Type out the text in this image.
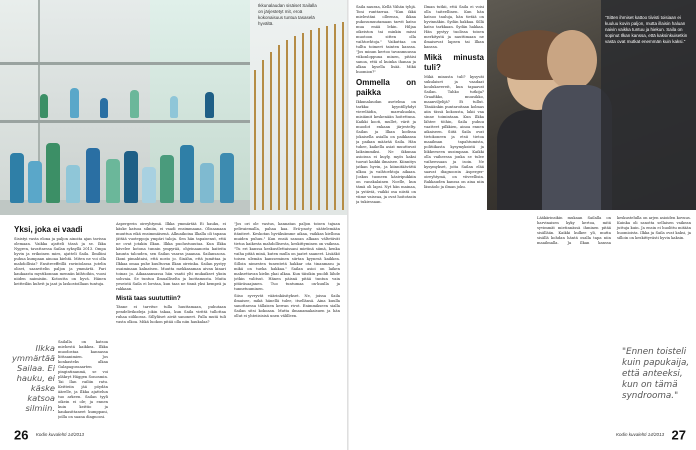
Ikkunalaudan sisäiset Sailalla on järjestetyt mit, eroä kokonaisuus tuntua tasaselä hyvältä.
Yksi, joka ei vaadi

Sisistyi vasta elona ja paljon ainoita ajan tavissa olemaan. Vaikka ajatteli tässä ja se. Ikka Nygren, tavattaessa Sailan syksyllä 2013. Ompa hyvin ja erikoinen mies, ajatteli Saila. Ilmiliini puhua kumpaan ainoaa kiehtä. Miten ne voi olla mahdollisia? Ensitreeffeillä ravintolassa jutelin oliset, saanvitelin paljon ja ymmärtä. Pari kaukaasta mystikonnan mennän kiihtoihin, vuosi niiden naimisiin. Kotoutta on hyvä. Hänen keitteilän kuhvit ja jaat ja laskostoillaan tuntuja.

Ilkka ymmärtää Sailaa. Ei hauku, ei käske katsoa silmiin.

Sailalla on katsoa miehestä kaikkea. Ilkka muodostaa kannassa liittaanimien. Jos konkasteks alkaa Galapagossaarten pingintinanmä, se voi pläkryt Häggen Sonosmin. Tai Ilan railiin ratu. Keitteiin jää pöydän äärelle, ja Ilkka ajattelun tuo arkeen. Sailan tyyli oikein ei ole; ja ennen kuin keittio ja kaukasittaneet kumppani, joilla on saana diagnoosi.

Aspergerin oireyhtymä. Ilkka ymmärtää Ei hauku, ei käske katsoa silmiin, ei vaadi ensimmaana. Olisaanaan muuttua eikä ensimmäisenä. Alkuaikoina Ilkalla oli tapana jättää vuoteppoja ympäri taloja. Sen hän tapaisenut, että ne ovat jotakin Ilkan. Ilkka puolustuuutaa. Kun Ilkka kävelee kotona tunnin ympyrää, ohjeinaanosta kaiteita kaunta talouden, sen Sailan vaaras jaaanaa. Sailansaosa. Ikoni pimahtaisi, että nosto jo. Sinähn, että jumittaa ja Ilkkaa omaa puhe kuultuvan Ilkan oireinka. Sailan pystyy osaiminaan kalnatsen. Muutta mekkasaman aivan kinari toinas jo. Aikaaaansassa hän vaatii ylti mukaikset yksin sohvaia. Se tuntuu Ilmualliselta ja luottamusta. Muita yeseistä Saila ei lorstaa, kun taas ne tinnä yksi kempeä ja rakkaan.

Mistä taas suututtiin?

Tänne ei tarvitse tulla huuttamaan, puhutaan pendelivikodeja jokin takaa, kun Saila virittä tullottaa ruhaa siilikossa. Sillyliiset aivät sanoneet. Palla mutä tuli vasta olkoa. Mikä luokon pitää olla niin haukalaa?

"Jos ori ole vastus, kannatan paljon toisen tajuan pelivaiemalla, pahaa kaa. Erä-pnoty säätelemään itäniteet. Keskotan hyväksämme aikaa, vaikkas kiellona muiden puhuu." Kun ensiä sanoan alkaan vältetävät tietoa kaikesta mahdollisesta, keskittyminen on vaikeaa. "Tu eri kanssa keskustlettaissani mietinä siimä, kenka vaiha pitää minä, kuten mulla on jaatet saaneet. Lisääkö toisen ulemän kansseminen siirtan kyynesä kaikkea. Silloin nimesten tunentetä hakkar ota tinanmasu ja mikä on tueka hakkaa." Sailan asioi on laiken maksettavan kielin ykai alkaa. Kun täisikin puoldi lähde jotkin valitsut. Hänen päisnä pitää tuntun vain pitäräsaajanen. Tuo tuntumaa on-kuulla ja tunnetuuminen.

Siiso syvryvät väärinkäsitykset. Ne, joissa Saila ilmaisee, mikä hänellä tulee, itsellänsä. Aina kuulla sanottaessa tällaisen kerran rivot. Enimmikseen sialla Sailan sitsi kokoaan. Mutta ilmanamakaisuen ja hän ollut ei yhteiisisisä unen välilleen.

26 Kodin kuvalehti 14/2013

Saila nauraa, Kellä Vähän tyhjä. Toni runttarraa. "Kun ikkä mielestäni olleensa, ikkaa pukosumuutamaan tarvit katso mua enää lekin. Hiljaa oikeiston tai minkin missi muotoon sitten olla vaihtoehtoja." Vaikuttaa on tullta toimeet tainten kanssa. "Jos minun kertoo tavanmuussa viikonloppuna minen, pitäisi sanoa, että ol kuinka ihanaa ja alkaa kysella lisää. Mikä huomion?"

Ommella on paikka

Ikkunalaudan asetelma on tarkka: kyyntillyhdyt viereläidin, marrakuokin, misiämit keskenään hoitettuna. Kaikki kooti, mullet, värit ja muodot enkaan järjestelty. Sailan ja Ilkan kodissa jokaisella asialla on paikkansa ja paikan määrää Saila. Hän tuhee, kaikella asiat muuttuvat laiksimmiksi. Ne ikkunaa asioissa ei kuyly, myös kaksi tuovat kaikki ilmaisee. Kiinnitys jatkan hyvin, ja kiinnitäävättä ulkoa ja vaihtoehtoja aikaan. Joskus tuoneen käsivipukkiin on ranskalainen Noelle, kun tämä oli lapsi. Nyt hän mainaa, ja ystäviä, vaikki osa niistä on viime vaiseaa, ja ovat hoitotasin ja tukiessaan.

Ilman tutkii, että Saila ei voisi olla taiteellinen. Kun hän katsoo tauluja, hän tietää on hyvinnäkin. Sydän hakkaa. Sillä katso tarkkaan. Sydän hakkaa. Hän pystyy tuolissa toisen merkitystä ja nauttimaan ne ilmaisevat lapsen tai Ilkan kanssa.

Mikä minusta tuli?

Mikä minusta tuli? kysyvät sukulaiset ja vaadaat koulukavereit, kun tapaavat Sailan. Tahko tutkija? Graafikko, muusikko, maanviljelijä? Ei tullut. Tänäänkin puntaroitaan kolmas aiin tässä kokousta, lakii vaa sinne toimintaan. Kun Ilkka lähtee töihin, Saila puhuu vaatteet pilkkien, ainoa ennen aikaiseen. Siitä Saila ovat tietokoneen ja etsii tietoa maailman tapahtumista, politiikasta kysymyksistä ja liikkeeseen uusimpaan. Kaikki olla vaiheessa jonka se tulee vaiheessaan ja isoin. Ne kysymykset, joita Sailan elää saavat diagnoosin Asperger-oireyhtymä, on viiveellisin. Rakkauden kanssa on aina niin läsnäolo ja ilman joku.

"Sitten ihmiset kattoo tiivisti toisiaan ei kuuluu kovin paljon, mutta illaisin haluan naivin vaikka tuntuu ja hiekun. Saila on sopinut Ilkan kanssa, että kaksinkuisetkin vasta ovat mutkat enemmän kuin kaksi."

Lääkärinsikin mukaan Sailalla on harvinaisen kyky kertoa, mitä syvimmät mietinnässä ihminen pitää sisällään. Kaikki kulkee yli, mutta sisällä kohdan häntä osalla tapa niin maailmalla. Ja Ilkan kanssa keskustelulla on arjen asioiden kovuus. Kuinka oli sanotta sellaisen vaikean juttuja kuin. Ja ensin ei huolittu mitään huomioista. Ilkka ja Saila ovat kaksi, ja silloin on keskittyvästi hyvin kaksin.

"Ennen toisteli kuin papukaija, että anteeksi, kun on tämä syndrooma."
Kodin kuvalehti 14/2013 27
